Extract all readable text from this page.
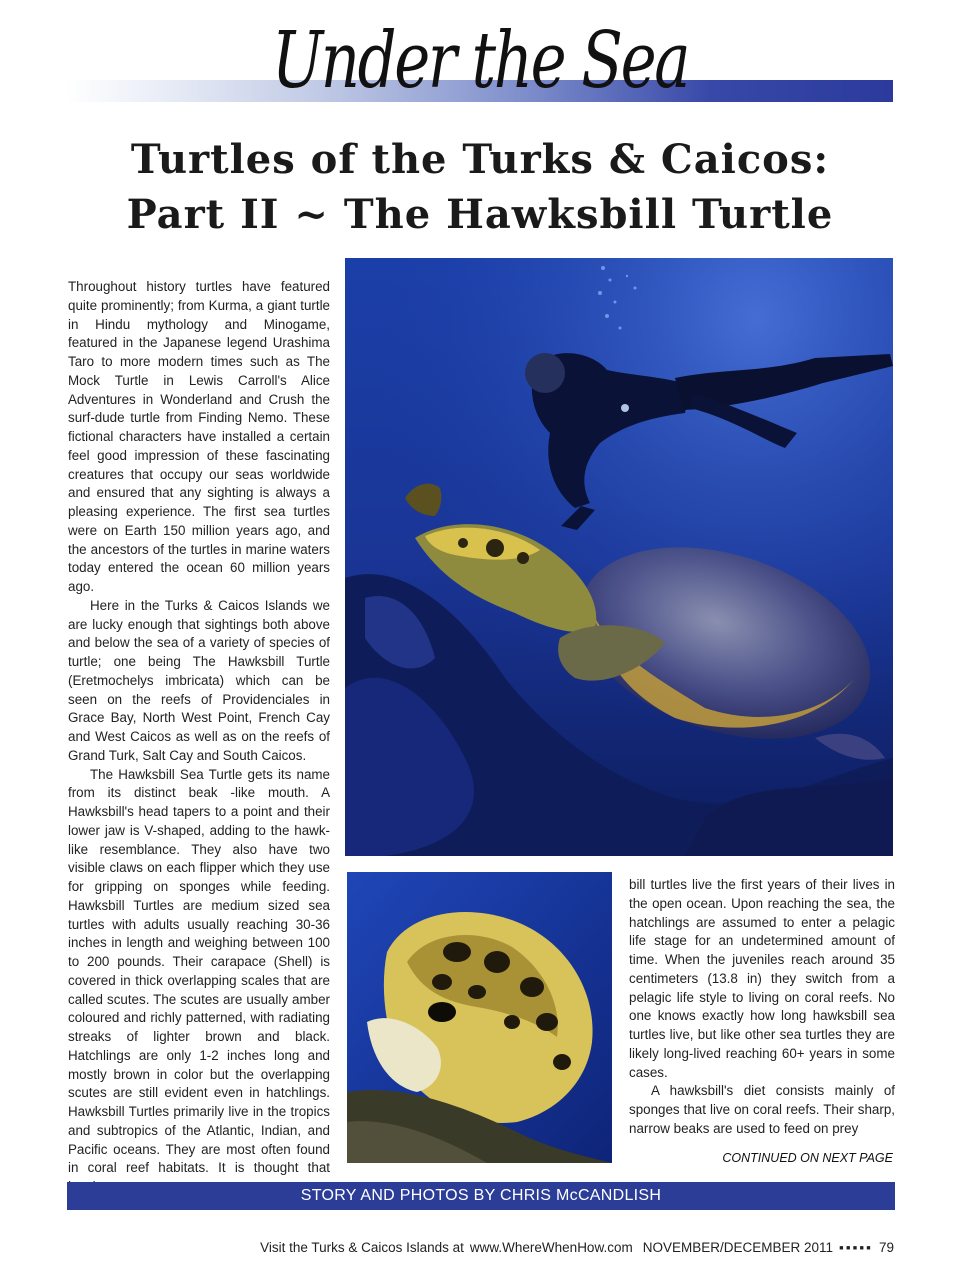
Under the Sea
Turtles of the Turks & Caicos:
Part II ~ The Hawksbill Turtle

Throughout history turtles have featured quite prominently; from Kurma, a giant turtle in Hindu mythology and Minogame, featured in the Japanese legend Urashima Taro to more modern times such as The Mock Turtle in Lewis Carroll's Alice Adventures in Wonderland and Crush the surf-dude turtle from Finding Nemo. These fictional characters have installed a certain feel good impression of these fascinating creatures that occupy our seas worldwide and ensured that any sighting is always a pleasing experience. The first sea turtles were on Earth 150 million years ago, and the ancestors of the turtles in marine waters today entered the ocean 60 million years ago.

Here in the Turks & Caicos Islands we are lucky enough that sightings both above and below the sea of a variety of species of turtle; one being The Hawksbill Turtle (Eretmochelys imbricata) which can be seen on the reefs of Providenciales in Grace Bay, North West Point, French Cay and West Caicos as well as on the reefs of Grand Turk, Salt Cay and South Caicos.

The Hawksbill Sea Turtle gets its name from its distinct beak -like mouth. A Hawksbill's head tapers to a point and their lower jaw is V-shaped, adding to the hawk-like resemblance. They also have two visible claws on each flipper which they use for gripping on sponges while feeding. Hawksbill Turtles are medium sized sea turtles with adults usually reaching 30-36 inches in length and weighing between 100 to 200 pounds. Their carapace (Shell) is covered in thick overlapping scales that are called scutes. The scutes are usually amber coloured and richly patterned, with radiating streaks of lighter brown and black. Hatchlings are only 1-2 inches long and mostly brown in color but the overlapping scutes are still evident even in hatchlings. Hawksbill Turtles primarily live in the tropics and subtropics of the Atlantic, Indian, and Pacific oceans. They are most often found in coral reef habitats. It is thought that

bill turtles live the first years of their lives in the open ocean. Upon reaching the sea, the hatchlings are assumed to enter a pelagic life stage for an undetermined amount of time. When the juveniles reach around 35 centimeters (13.8 in) they switch from a pelagic life style to living on coral reefs. No one knows exactly how long hawksbill sea turtles live, but like other sea turtles they are likely long-lived reaching 60+ years in some cases.

A hawksbill's diet consists mainly of sponges that live on coral reefs. Their sharp, narrow beaks are used to feed on prey

CONTINUED ON NEXT PAGE
STORY AND PHOTOS BY CHRIS McCANDLISH
Visit the Turks & Caicos Islands at www.WhereWhenHow.com NOVEMBER/DECEMBER 2011 ▪▪▪▪▪ 79
